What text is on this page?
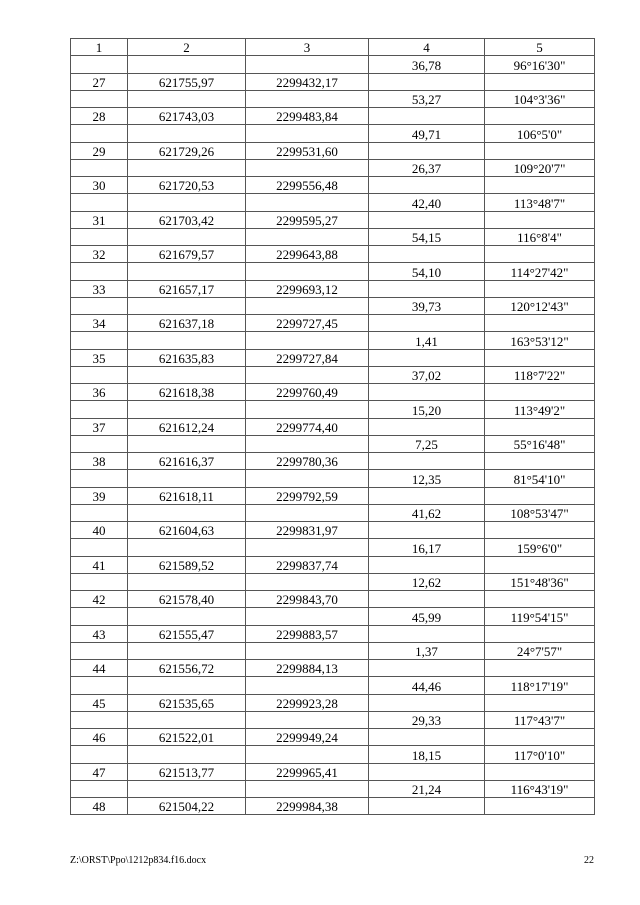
1	2	3	4	5
			36,78	96°16'30"
27	621755,97	2299432,17		
			53,27	104°3'36"
28	621743,03	2299483,84		
			49,71	106°5'0"
29	621729,26	2299531,60		
			26,37	109°20'7"
30	621720,53	2299556,48		
			42,40	113°48'7"
31	621703,42	2299595,27		
			54,15	116°8'4"
32	621679,57	2299643,88		
			54,10	114°27'42"
33	621657,17	2299693,12		
			39,73	120°12'43"
34	621637,18	2299727,45		
			1,41	163°53'12"
35	621635,83	2299727,84		
			37,02	118°7'22"
36	621618,38	2299760,49		
			15,20	113°49'2"
37	621612,24	2299774,40		
			7,25	55°16'48"
38	621616,37	2299780,36		
			12,35	81°54'10"
39	621618,11	2299792,59		
			41,62	108°53'47"
40	621604,63	2299831,97		
			16,17	159°6'0"
41	621589,52	2299837,74		
			12,62	151°48'36"
42	621578,40	2299843,70		
			45,99	119°54'15"
43	621555,47	2299883,57		
			1,37	24°7'57"
44	621556,72	2299884,13		
			44,46	118°17'19"
45	621535,65	2299923,28		
			29,33	117°43'7"
46	621522,01	2299949,24		
			18,15	117°0'10"
47	621513,77	2299965,41		
			21,24	116°43'19"
48	621504,22	2299984,38		
Z:\ORST\Ppo\1212p834.f16.docx	22
